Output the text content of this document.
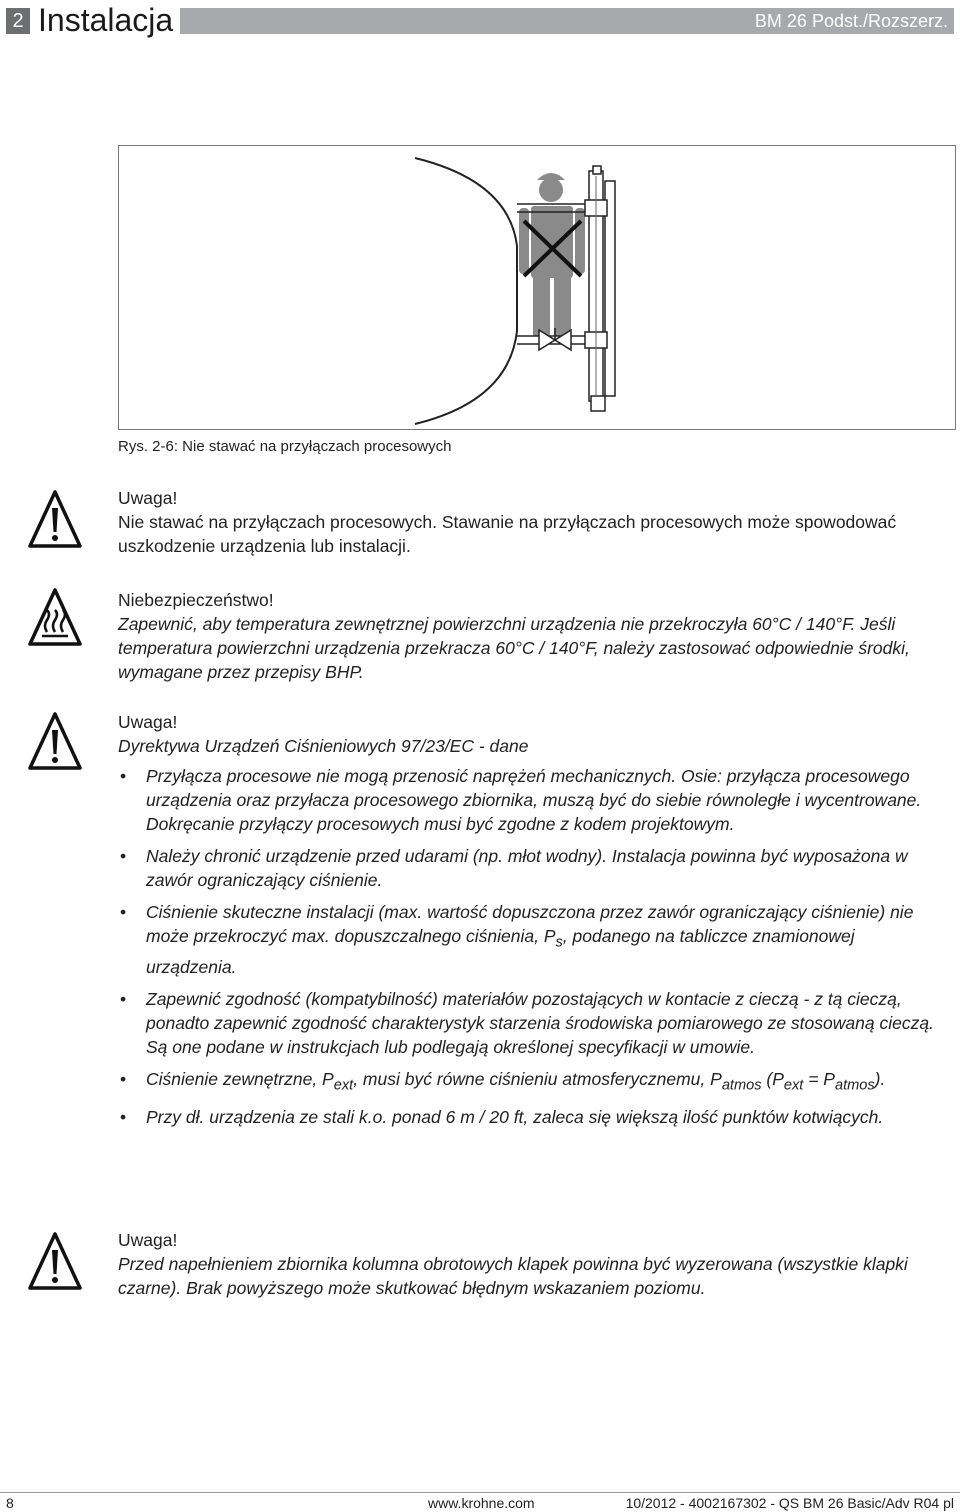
2 Instalacja	BM 26 Podst./Rozszerz.
Rys. 2-6: Nie stawać na przyłączach procesowych
Uwaga!
Nie stawać na przyłączach procesowych. Stawanie na przyłączach procesowych może spowodować uszkodzenie urządzenia lub instalacji.
Niebezpieczeństwo!
Zapewnić, aby temperatura zewnętrznej powierzchni urządzenia nie przekroczyła 60°C / 140°F. Jeśli temperatura powierzchni urządzenia przekracza 60°C / 140°F, należy zastosować odpowiednie środki, wymagane przez przepisy BHP.
Uwaga!
Dyrektywa Urządzeń Ciśnieniowych 97/23/EC - dane
• Przyłącza procesowe nie mogą przenosić naprężeń mechanicznych. Osie: przyłącza procesowego urządzenia oraz przyłacza procesowego zbiornika, muszą być do siebie równoległe i wycentrowane. Dokręcanie przyłączy procesowych musi być zgodne z kodem projektowym.
• Należy chronić urządzenie przed udarami (np. młot wodny). Instalacja powinna być wyposażona w zawór ograniczający ciśnienie.
• Ciśnienie skuteczne instalacji (max. wartość dopuszczona przez zawór ograniczający ciśnienie) nie może przekroczyć max. dopuszczalnego ciśnienia, $P_s$, podanego na tabliczce znamionowej urządzenia.
• Zapewnić zgodność (kompatybilność) materiałów pozostających w kontacie z cieczą - z tą cieczą, ponadto zapewnić zgodność charakterystyk starzenia środowiska pomiarowego ze stosowaną cieczą. Są one podane w instrukcjach lub podlegają określonej specyfikacji w umowie.
• Ciśnienie zewnętrzne, $P_{ext}$, musi być równe ciśnieniu atmosferycznemu, $P_{atmos}$ $(P_{ext} = P_{atmos})$.
• Przy dł. urządzenia ze stali k.o. ponad 6 m / 20 ft, zaleca się większą ilość punktów kotwiących.
Uwaga!
Przed napełnieniem zbiornika kolumna obrotowych klapek powinna być wyzerowana (wszystkie klapki czarne). Brak powyższego może skutkować błędnym wskazaniem poziomu.
8	www.krohne.com	10/2012 - 4002167302 - QS BM 26 Basic/Adv R04 pl
